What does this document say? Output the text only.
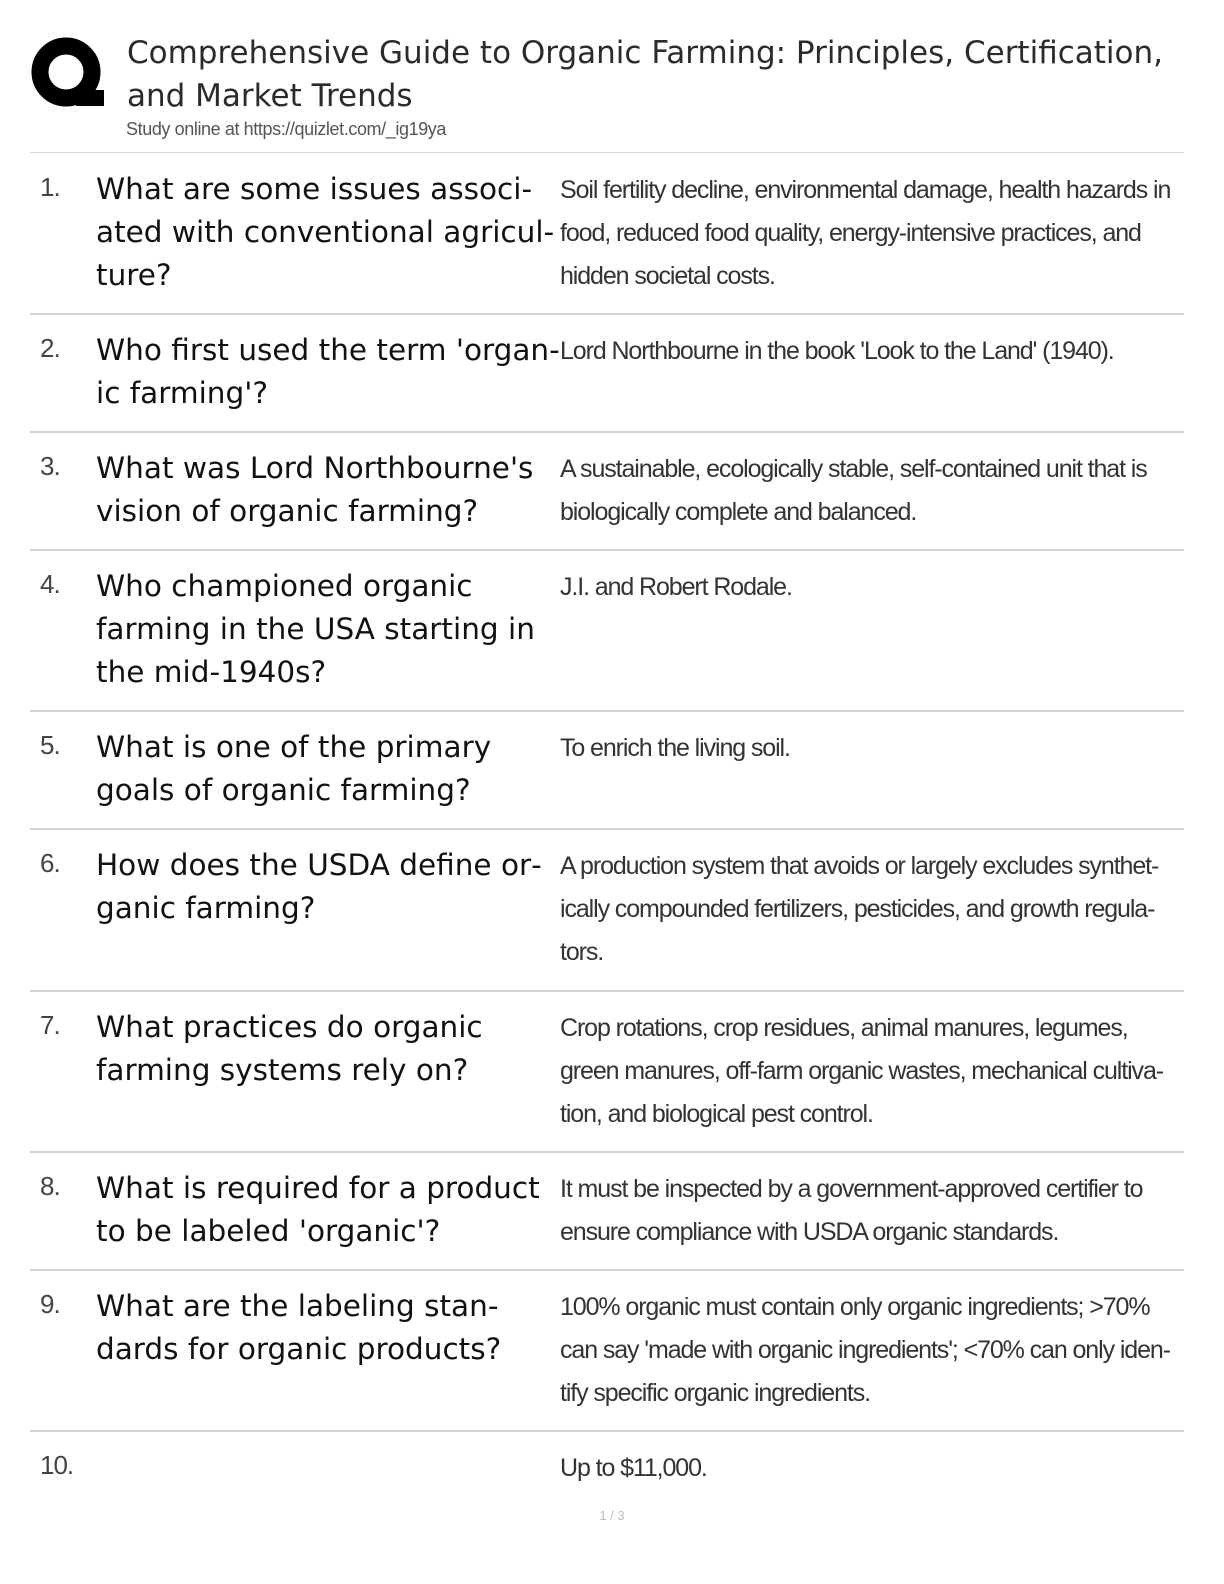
Comprehensive Guide to Organic Farming: Principles, Certification, and Market Trends
Study online at https://quizlet.com/_ig19ya
1. What are some issues associated with conventional agriculture?
Soil fertility decline, environmental damage, health hazards in food, reduced food quality, energy-intensive practices, and hidden societal costs.
2. Who first used the term 'organic farming'?
Lord Northbourne in the book 'Look to the Land' (1940).
3. What was Lord Northbourne's vision of organic farming?
A sustainable, ecologically stable, self-contained unit that is biologically complete and balanced.
4. Who championed organic farming in the USA starting in the mid-1940s?
J.I. and Robert Rodale.
5. What is one of the primary goals of organic farming?
To enrich the living soil.
6. How does the USDA define organic farming?
A production system that avoids or largely excludes synthetically compounded fertilizers, pesticides, and growth regulators.
7. What practices do organic farming systems rely on?
Crop rotations, crop residues, animal manures, legumes, green manures, off-farm organic wastes, mechanical cultivation, and biological pest control.
8. What is required for a product to be labeled 'organic'?
It must be inspected by a government-approved certifier to ensure compliance with USDA organic standards.
9. What are the labeling standards for organic products?
100% organic must contain only organic ingredients; >70% can say 'made with organic ingredients'; <70% can only identify specific organic ingredients.
10.	Up to $11,000.
1 / 3
